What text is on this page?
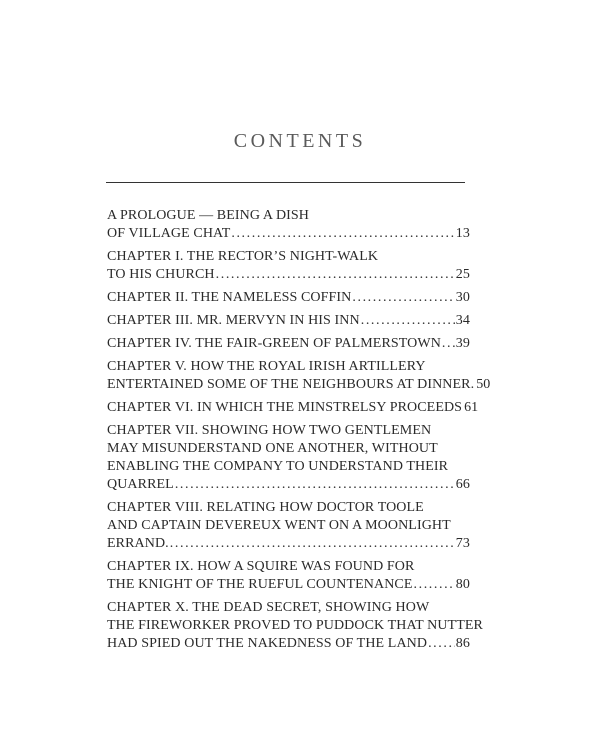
CONTENTS
A PROLOGUE — BEING A DISH
OF VILLAGE CHAT .....	13
CHAPTER I. THE RECTOR’S NIGHT-WALK
TO HIS CHURCH .....	25
CHAPTER II. THE NAMELESS COFFIN .....	30
CHAPTER III. MR. MERVYN IN HIS INN .....	34
CHAPTER IV. THE FAIR-GREEN OF PALMERSTOWN ..... 39
CHAPTER V. HOW THE ROYAL IRISH ARTILLERY
ENTERTAINED SOME OF THE NEIGHBOURS AT DINNER. 50
CHAPTER VI. IN WHICH THE MINSTRELSY PROCEEDS 61
CHAPTER VII. SHOWING HOW TWO GENTLEMEN
MAY MISUNDERSTAND ONE ANOTHER, WITHOUT
ENABLING THE COMPANY TO UNDERSTAND THEIR
QUARREL .....	66
CHAPTER VIII. RELATING HOW DOCTOR TOOLE
AND CAPTAIN DEVEREUX WENT ON A MOONLIGHT
ERRAND. .....	73
CHAPTER IX. HOW A SQUIRE WAS FOUND FOR
THE KNIGHT OF THE RUEFUL COUNTENANCE .....	80
CHAPTER X. THE DEAD SECRET, SHOWING HOW
THE FIREWORKER PROVED TO PUDDOCK THAT NUTTER
HAD SPIED OUT THE NAKEDNESS OF THE LAND ..... 86
